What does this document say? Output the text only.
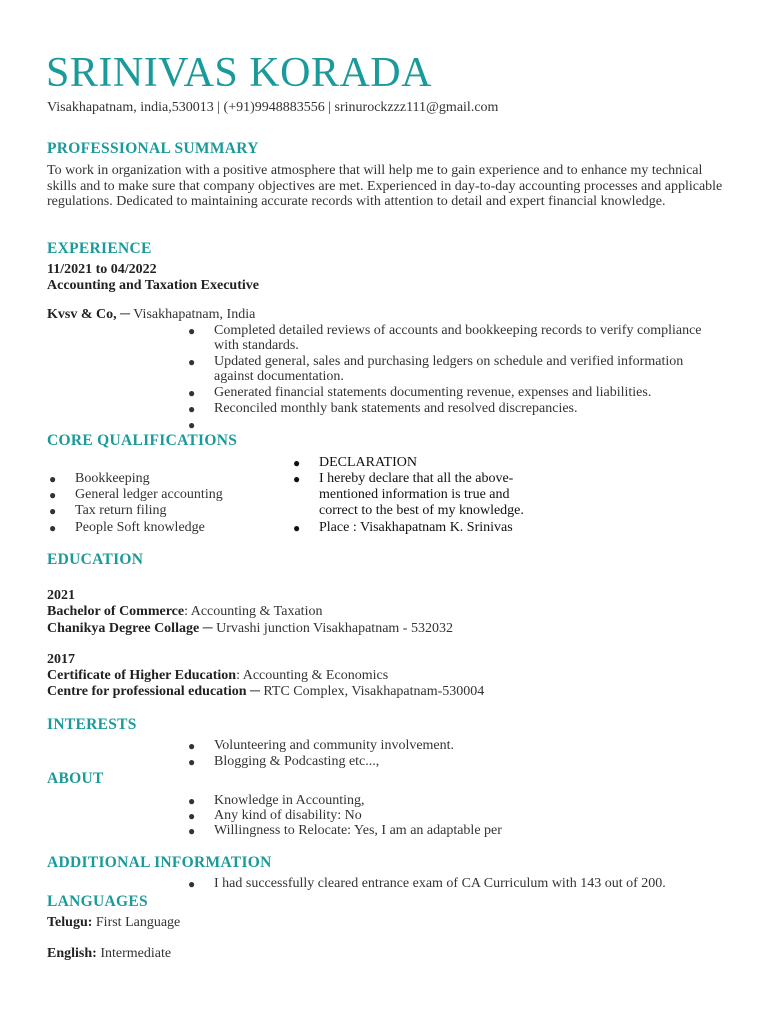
SRINIVAS KORADA
Visakhapatnam, india,530013 | (+91)9948883556 | srinurockzzz111@gmail.com
PROFESSIONAL SUMMARY
To work in organization with a positive atmosphere that will help me to gain experience and to enhance my technical skills and to make sure that company objectives are met. Experienced in day-to-day accounting processes and applicable regulations. Dedicated to maintaining accurate records with attention to detail and expert financial knowledge.
EXPERIENCE
11/2021 to 04/2022
Accounting and Taxation Executive
Kvsv & Co, ─ Visakhapatnam, India
● Completed detailed reviews of accounts and bookkeeping records to verify compliance
with standards.
● Updated general, sales and purchasing ledgers on schedule and verified information
against documentation.
● Generated financial statements documenting revenue, expenses and liabilities.
● Reconciled monthly bank statements and resolved discrepancies.
●
CORE QUALIFICATIONS
● Bookkeeping
● General ledger accounting
● Tax return filing
● People Soft knowledge
● DECLARATION
● I hereby declare that all the above-
mentioned information is true and
correct to the best of my knowledge.
● Place : Visakhapatnam K. Srinivas
EDUCATION
2021
Bachelor of Commerce: Accounting & Taxation
Chanikya Degree Collage ─ Urvashi junction Visakhapatnam - 532032
2017
Certificate of Higher Education: Accounting & Economics
Centre for professional education ─ RTC Complex, Visakhapatnam-530004
INTERESTS
● Volunteering and community involvement.
● Blogging & Podcasting etc...,
ABOUT
● Knowledge in Accounting,
● Any kind of disability: No
● Willingness to Relocate: Yes, I am an adaptable per
ADDITIONAL INFORMATION
● I had successfully cleared entrance exam of CA Curriculum with 143 out of 200.
LANGUAGES
Telugu: First Language
English: Intermediate
